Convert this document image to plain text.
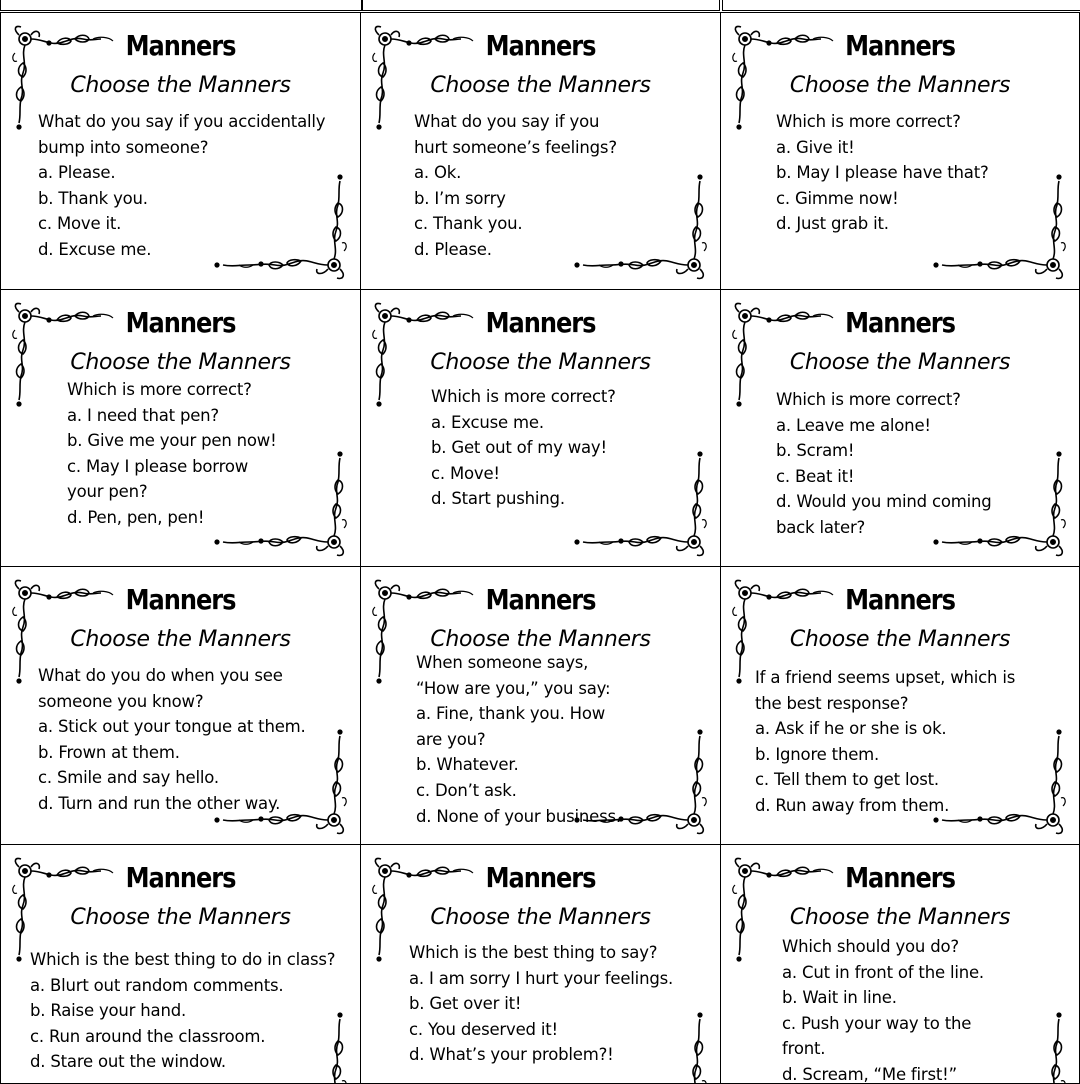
Manners
Choose the Manners
What do you say if you accidentally
bump into someone?
a. Please.
b. Thank you.
c. Move it.
d. Excuse me.
Manners
Choose the Manners
What do you say if you
hurt someone’s feelings?
a. Ok.
b. I’m sorry
c. Thank you.
d. Please.
Manners
Choose the Manners
Which is more correct?
a. Give it!
b. May I please have that?
c. Gimme now!
d. Just grab it.
Manners
Choose the Manners
Which is more correct?
a. I need that pen?
b. Give me your pen now!
c. May I please borrow
your pen?
d. Pen, pen, pen!
Manners
Choose the Manners
Which is more correct?
a. Excuse me.
b. Get out of my way!
c. Move!
d. Start pushing.
Manners
Choose the Manners
Which is more correct?
a. Leave me alone!
b. Scram!
c. Beat it!
d. Would you mind coming
back later?
Manners
Choose the Manners
What do you do when you see
someone you know?
a. Stick out your tongue at them.
b. Frown at them.
c. Smile and say hello.
d. Turn and run the other way.
Manners
Choose the Manners
When someone says,
“How are you,” you say:
a. Fine, thank you. How
are you?
b. Whatever.
c. Don’t ask.
d. None of your business.
Manners
Choose the Manners
If a friend seems upset, which is
the best response?
a. Ask if he or she is ok.
b. Ignore them.
c. Tell them to get lost.
d. Run away from them.
Manners
Choose the Manners
Which is the best thing to do in class?
a. Blurt out random comments.
b. Raise your hand.
c. Run around the classroom.
d. Stare out the window.
Manners
Choose the Manners
Which is the best thing to say?
a. I am sorry I hurt your feelings.
b. Get over it!
c. You deserved it!
d. What’s your problem?!
Manners
Choose the Manners
Which should you do?
a. Cut in front of the line.
b. Wait in line.
c. Push your way to the
front.
d. Scream, “Me first!”
